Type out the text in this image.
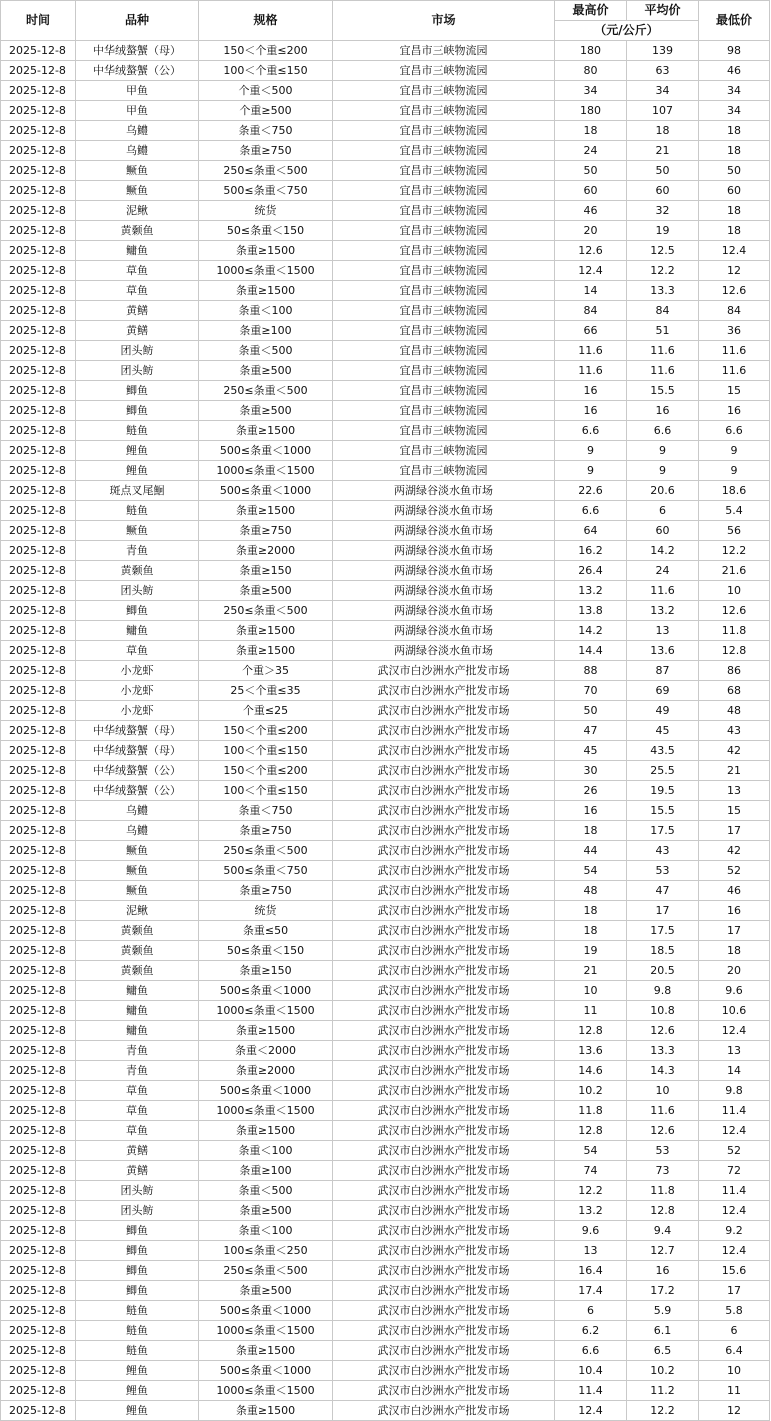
时间	品种	规格	市场	最高价	平均价	最低价
				（元/公斤）		
2025-12-8	中华绒螯蟹（母）	150＜个重≤200	宜昌市三峡物流园	180	139	98
2025-12-8	中华绒螯蟹（公）	100＜个重≤150	宜昌市三峡物流园	80	63	46
2025-12-8	甲鱼	个重＜500	宜昌市三峡物流园	34	34	34
2025-12-8	甲鱼	个重≥500	宜昌市三峡物流园	180	107	34
2025-12-8	乌鳢	条重＜750	宜昌市三峡物流园	18	18	18
2025-12-8	乌鳢	条重≥750	宜昌市三峡物流园	24	21	18
2025-12-8	鳜鱼	250≤条重＜500	宜昌市三峡物流园	50	50	50
2025-12-8	鳜鱼	500≤条重＜750	宜昌市三峡物流园	60	60	60
2025-12-8	泥鳅	统货	宜昌市三峡物流园	46	32	18
2025-12-8	黄颡鱼	50≤条重＜150	宜昌市三峡物流园	20	19	18
2025-12-8	鳙鱼	条重≥1500	宜昌市三峡物流园	12.6	12.5	12.4
2025-12-8	草鱼	1000≤条重＜1500	宜昌市三峡物流园	12.4	12.2	12
2025-12-8	草鱼	条重≥1500	宜昌市三峡物流园	14	13.3	12.6
2025-12-8	黄鳝	条重＜100	宜昌市三峡物流园	84	84	84
2025-12-8	黄鳝	条重≥100	宜昌市三峡物流园	66	51	36
2025-12-8	团头鲂	条重＜500	宜昌市三峡物流园	11.6	11.6	11.6
2025-12-8	团头鲂	条重≥500	宜昌市三峡物流园	11.6	11.6	11.6
2025-12-8	鲫鱼	250≤条重＜500	宜昌市三峡物流园	16	15.5	15
2025-12-8	鲫鱼	条重≥500	宜昌市三峡物流园	16	16	16
2025-12-8	鲢鱼	条重≥1500	宜昌市三峡物流园	6.6	6.6	6.6
2025-12-8	鲤鱼	500≤条重＜1000	宜昌市三峡物流园	9	9	9
2025-12-8	鲤鱼	1000≤条重＜1500	宜昌市三峡物流园	9	9	9
2025-12-8	斑点叉尾鮰	500≤条重＜1000	两湖绿谷淡水鱼市场	22.6	20.6	18.6
2025-12-8	鲢鱼	条重≥1500	两湖绿谷淡水鱼市场	6.6	6	5.4
2025-12-8	鳜鱼	条重≥750	两湖绿谷淡水鱼市场	64	60	56
2025-12-8	青鱼	条重≥2000	两湖绿谷淡水鱼市场	16.2	14.2	12.2
2025-12-8	黄颡鱼	条重≥150	两湖绿谷淡水鱼市场	26.4	24	21.6
2025-12-8	团头鲂	条重≥500	两湖绿谷淡水鱼市场	13.2	11.6	10
2025-12-8	鲫鱼	250≤条重＜500	两湖绿谷淡水鱼市场	13.8	13.2	12.6
2025-12-8	鳙鱼	条重≥1500	两湖绿谷淡水鱼市场	14.2	13	11.8
2025-12-8	草鱼	条重≥1500	两湖绿谷淡水鱼市场	14.4	13.6	12.8
2025-12-8	小龙虾	个重＞35	武汉市白沙洲水产批发市场	88	87	86
2025-12-8	小龙虾	25＜个重≤35	武汉市白沙洲水产批发市场	70	69	68
2025-12-8	小龙虾	个重≤25	武汉市白沙洲水产批发市场	50	49	48
2025-12-8	中华绒螯蟹（母）	150＜个重≤200	武汉市白沙洲水产批发市场	47	45	43
2025-12-8	中华绒螯蟹（母）	100＜个重≤150	武汉市白沙洲水产批发市场	45	43.5	42
2025-12-8	中华绒螯蟹（公）	150＜个重≤200	武汉市白沙洲水产批发市场	30	25.5	21
2025-12-8	中华绒螯蟹（公）	100＜个重≤150	武汉市白沙洲水产批发市场	26	19.5	13
2025-12-8	乌鳢	条重＜750	武汉市白沙洲水产批发市场	16	15.5	15
2025-12-8	乌鳢	条重≥750	武汉市白沙洲水产批发市场	18	17.5	17
2025-12-8	鳜鱼	250≤条重＜500	武汉市白沙洲水产批发市场	44	43	42
2025-12-8	鳜鱼	500≤条重＜750	武汉市白沙洲水产批发市场	54	53	52
2025-12-8	鳜鱼	条重≥750	武汉市白沙洲水产批发市场	48	47	46
2025-12-8	泥鳅	统货	武汉市白沙洲水产批发市场	18	17	16
2025-12-8	黄颡鱼	条重≤50	武汉市白沙洲水产批发市场	18	17.5	17
2025-12-8	黄颡鱼	50≤条重＜150	武汉市白沙洲水产批发市场	19	18.5	18
2025-12-8	黄颡鱼	条重≥150	武汉市白沙洲水产批发市场	21	20.5	20
2025-12-8	鳙鱼	500≤条重＜1000	武汉市白沙洲水产批发市场	10	9.8	9.6
2025-12-8	鳙鱼	1000≤条重＜1500	武汉市白沙洲水产批发市场	11	10.8	10.6
2025-12-8	鳙鱼	条重≥1500	武汉市白沙洲水产批发市场	12.8	12.6	12.4
2025-12-8	青鱼	条重＜2000	武汉市白沙洲水产批发市场	13.6	13.3	13
2025-12-8	青鱼	条重≥2000	武汉市白沙洲水产批发市场	14.6	14.3	14
2025-12-8	草鱼	500≤条重＜1000	武汉市白沙洲水产批发市场	10.2	10	9.8
2025-12-8	草鱼	1000≤条重＜1500	武汉市白沙洲水产批发市场	11.8	11.6	11.4
2025-12-8	草鱼	条重≥1500	武汉市白沙洲水产批发市场	12.8	12.6	12.4
2025-12-8	黄鳝	条重＜100	武汉市白沙洲水产批发市场	54	53	52
2025-12-8	黄鳝	条重≥100	武汉市白沙洲水产批发市场	74	73	72
2025-12-8	团头鲂	条重＜500	武汉市白沙洲水产批发市场	12.2	11.8	11.4
2025-12-8	团头鲂	条重≥500	武汉市白沙洲水产批发市场	13.2	12.8	12.4
2025-12-8	鲫鱼	条重＜100	武汉市白沙洲水产批发市场	9.6	9.4	9.2
2025-12-8	鲫鱼	100≤条重＜250	武汉市白沙洲水产批发市场	13	12.7	12.4
2025-12-8	鲫鱼	250≤条重＜500	武汉市白沙洲水产批发市场	16.4	16	15.6
2025-12-8	鲫鱼	条重≥500	武汉市白沙洲水产批发市场	17.4	17.2	17
2025-12-8	鲢鱼	500≤条重＜1000	武汉市白沙洲水产批发市场	6	5.9	5.8
2025-12-8	鲢鱼	1000≤条重＜1500	武汉市白沙洲水产批发市场	6.2	6.1	6
2025-12-8	鲢鱼	条重≥1500	武汉市白沙洲水产批发市场	6.6	6.5	6.4
2025-12-8	鲤鱼	500≤条重＜1000	武汉市白沙洲水产批发市场	10.4	10.2	10
2025-12-8	鲤鱼	1000≤条重＜1500	武汉市白沙洲水产批发市场	11.4	11.2	11
2025-12-8	鲤鱼	条重≥1500	武汉市白沙洲水产批发市场	12.4	12.2	12
